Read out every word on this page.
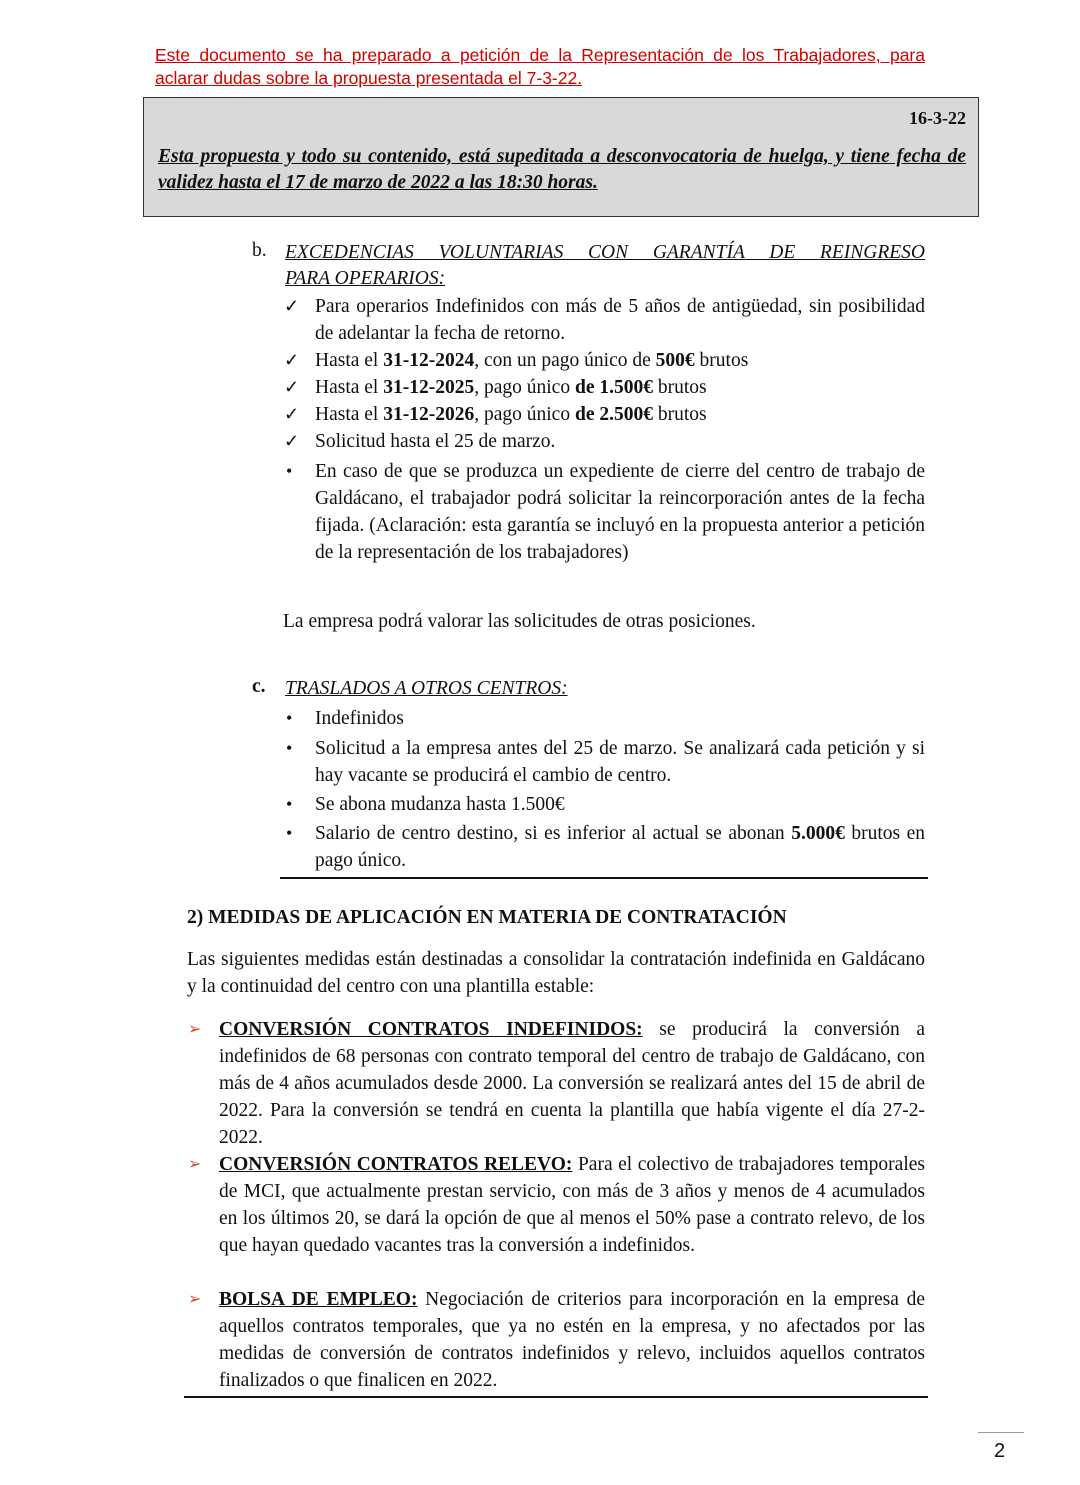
Este documento se ha preparado a petición de la Representación de los Trabajadores, para aclarar dudas sobre la propuesta presentada el 7-3-22.
16-3-22
Esta propuesta y todo su contenido, está supeditada a desconvocatoria de huelga, y tiene fecha de validez hasta el 17 de marzo de 2022 a las 18:30 horas.
b. EXCEDENCIAS VOLUNTARIAS CON GARANTÍA DE REINGRESO
PARA OPERARIOS:
✓ Para operarios Indefinidos con más de 5 años de antigüedad, sin posibilidad de adelantar la fecha de retorno.
✓ Hasta el 31-12-2024, con un pago único de 500€ brutos
✓ Hasta el 31-12-2025, pago único de 1.500€ brutos
✓ Hasta el 31-12-2026, pago único de 2.500€ brutos
✓ Solicitud hasta el 25 de marzo.
• En caso de que se produzca un expediente de cierre del centro de trabajo de Galdácano, el trabajador podrá solicitar la reincorporación antes de la fecha fijada. (Aclaración: esta garantía se incluyó en la propuesta anterior a petición de la representación de los trabajadores)
La empresa podrá valorar las solicitudes de otras posiciones.
c. TRASLADOS A OTROS CENTROS:
• Indefinidos
• Solicitud a la empresa antes del 25 de marzo. Se analizará cada petición y si hay vacante se producirá el cambio de centro.
• Se abona mudanza hasta 1.500€
• Salario de centro destino, si es inferior al actual se abonan 5.000€ brutos en pago único.
2) MEDIDAS DE APLICACIÓN EN MATERIA DE CONTRATACIÓN
Las siguientes medidas están destinadas a consolidar la contratación indefinida en Galdácano y la continuidad del centro con una plantilla estable:
➢ CONVERSIÓN CONTRATOS INDEFINIDOS: se producirá la conversión a indefinidos de 68 personas con contrato temporal del centro de trabajo de Galdácano, con más de 4 años acumulados desde 2000. La conversión se realizará antes del 15 de abril de 2022. Para la conversión se tendrá en cuenta la plantilla que había vigente el día 27-2-2022.
➢ CONVERSIÓN CONTRATOS RELEVO: Para el colectivo de trabajadores temporales de MCI, que actualmente prestan servicio, con más de 3 años y menos de 4 acumulados en los últimos 20, se dará la opción de que al menos el 50% pase a contrato relevo, de los que hayan quedado vacantes tras la conversión a indefinidos.
➢ BOLSA DE EMPLEO: Negociación de criterios para incorporación en la empresa de aquellos contratos temporales, que ya no estén en la empresa, y no afectados por las medidas de conversión de contratos indefinidos y relevo, incluidos aquellos contratos finalizados o que finalicen en 2022.
2
